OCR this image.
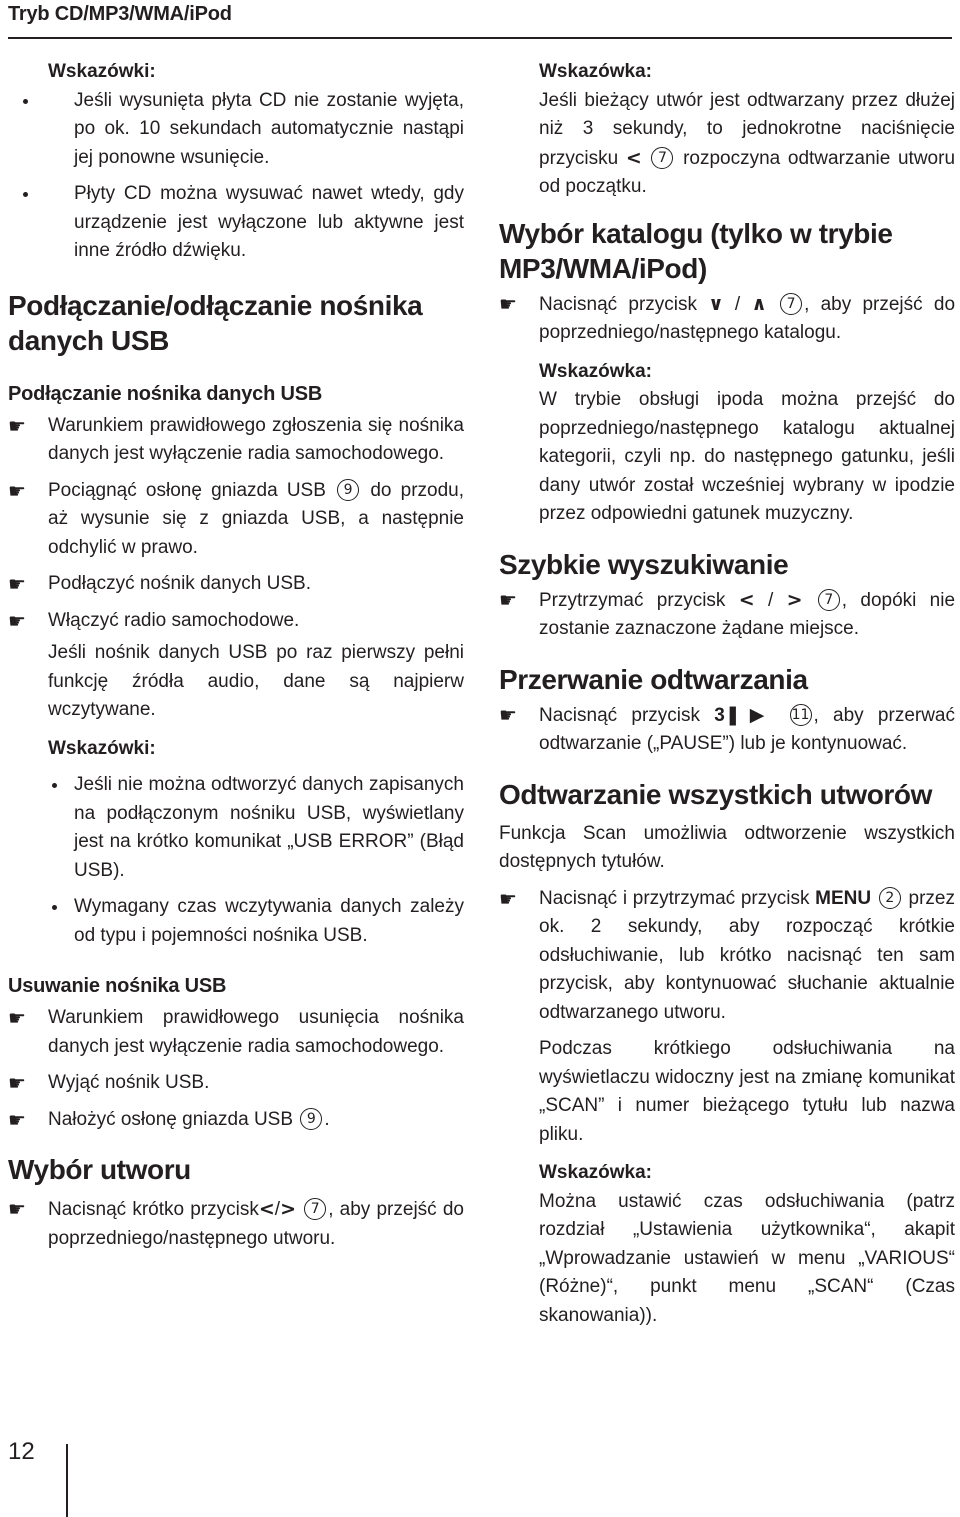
Tryb CD/MP3/WMA/iPod

Wskazówki:

Jeśli wysunięta płyta CD nie zostanie wyjęta, po ok. 10 sekundach automatycznie nastąpi jej ponowne wsunięcie.

Płyty CD można wysuwać nawet wtedy, gdy urządzenie jest wyłączone lub aktywne jest inne źródło dźwięku.

Podłączanie/odłączanie nośnika danych USB

Podłączanie nośnika danych USB

☛ Warunkiem prawidłowego zgłoszenia się nośnika danych jest wyłączenie radia samochodowego.
☛ Pociągnąć osłonę gniazda USB 9 do przodu, aż wysunie się z gniazda USB, a następnie odchylić w prawo.
☛ Podłączyć nośnik danych USB.
☛ Włączyć radio samochodowe.

Jeśli nośnik danych USB po raz pierwszy pełni funkcję źródła audio, dane są najpierw wczytywane.

Wskazówki:

Jeśli nie można odtworzyć danych zapisanych na podłączonym nośniku USB, wyświetlany jest na krótko komunikat „USB ERROR” (Błąd USB).

Wymagany czas wczytywania danych zależy od typu i pojemności nośnika USB.

Usuwanie nośnika USB

☛ Warunkiem prawidłowego usunięcia nośnika danych jest wyłączenie radia samochodowego.
☛ Wyjąć nośnik USB.
☛ Nałożyć osłonę gniazda USB 9 .

Wybór utworu

☛ Nacisnąć krótko przycisk</> 7 , aby przejść do poprzedniego/następnego utworu.

Wskazówka:

Jeśli bieżący utwór jest odtwarzany przez dłużej niż 3 sekundy, to jednokrotne naciśnięcie przycisku < 7 rozpoczyna odtwarzanie utworu od początku.

Wybór katalogu (tylko w trybie MP3/WMA/iPod)

☛ Nacisnąć przycisk ∨ / ∧ 7 , aby przejść do poprzedniego/następnego katalogu.

Wskazówka:

W trybie obsługi ipoda można przejść do poprzedniego/następnego katalogu aktualnej kategorii, czyli np. do następnego gatunku, jeśli dany utwór został wcześniej wybrany w ipodzie przez odpowiedni gatunek muzyczny.

Szybkie wyszukiwanie

☛ Przytrzymać przycisk < / > 7 , dopóki nie zostanie zaznaczone żądane miejsce.

Przerwanie odtwarzania

☛ Nacisnąć przycisk 3❚▶ 11 , aby przerwać odtwarzanie („PAUSE”) lub je kontynuować.

Odtwarzanie wszystkich utworów

Funkcja Scan umożliwia odtworzenie wszystkich dostępnych tytułów.

☛ Nacisnąć i przytrzymać przycisk MENU 2 przez ok. 2 sekundy, aby rozpocząć krótkie odsłuchiwanie, lub krótko nacisnąć ten sam przycisk, aby kontynuować słuchanie aktualnie odtwarzanego utworu.

Podczas krótkiego odsłuchiwania na wyświetlaczu widoczny jest na zmianę komunikat „SCAN” i numer bieżącego tytułu lub nazwa pliku.

Wskazówka:

Można ustawić czas odsłuchiwania (patrz rozdział „Ustawienia użytkownika“, akapit „Wprowadzanie ustawień w menu „VARIOUS“ (Różne)“, punkt menu „SCAN“ (Czas skanowania)).

12
